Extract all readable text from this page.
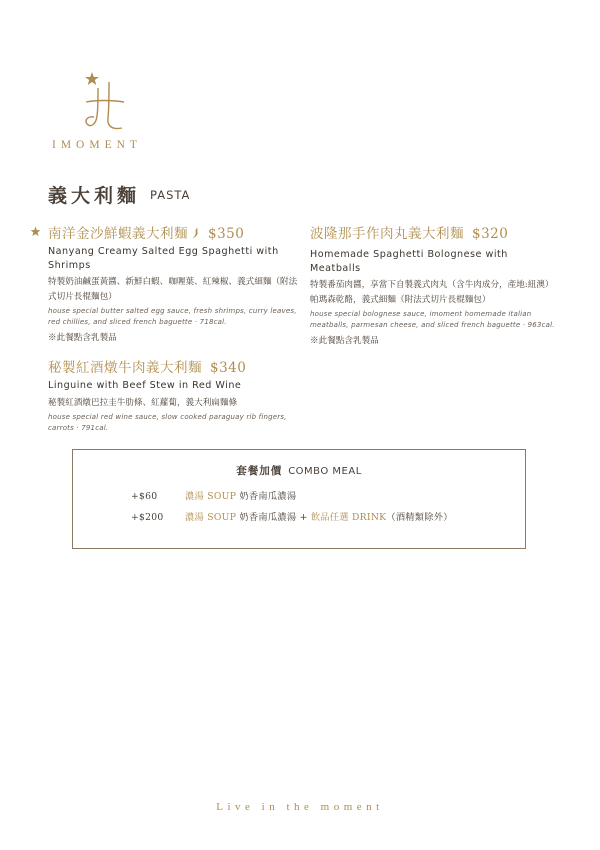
IMOMENT
義大利麵 PASTA
南洋金沙鮮蝦義大利麵 $350
Nanyang Creamy Salted Egg Spaghetti with Shrimps
特製奶油鹹蛋黃醬、新鮮白蝦、咖喱葉、紅辣椒、義式細麵（附法式切片長棍麵包）
house special butter salted egg sauce, fresh shrimps, curry leaves, red chillies, and sliced french baguette ‧ 718cal.
※此餐點含乳製品
波隆那手作肉丸義大利麵 $320
Homemade Spaghetti Bolognese with Meatballs
特製番茄肉醬，享當下自製義式肉丸（含牛肉成分，產地:紐澳）帕瑪森乾酪，義式細麵（附法式切片長棍麵包）
house special bolognese sauce, imoment homemade italian meatballs, parmesan cheese, and sliced french baguette ‧ 963cal.
※此餐點含乳製品
秘製紅酒燉牛肉義大利麵 $340
Linguine with Beef Stew in Red Wine
秘製紅酒燉巴拉圭牛肋條、紅蘿蔔，義大利扁麵條
house special red wine sauce, slow cooked paraguay rib fingers, carrots ‧ 791cal.
套餐加價 COMBO MEAL
+$60	濃湯 SOUP 奶香南瓜濃湯
+$200 濃湯 SOUP 奶香南瓜濃湯 + 飲品任選 DRINK（酒精類除外）
Live in the moment
